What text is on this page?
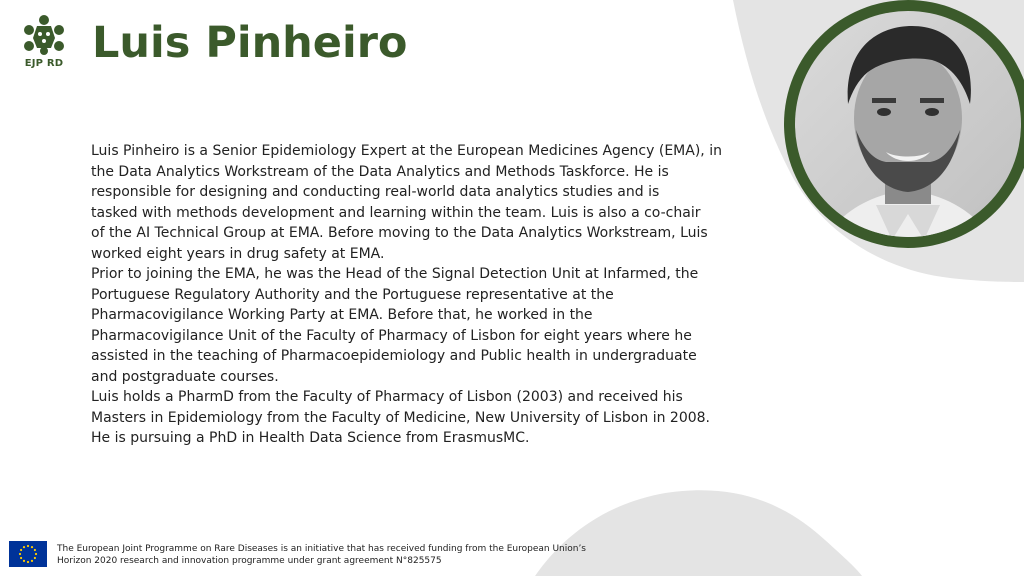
EJP RD Luis Pinheiro

Luis Pinheiro is a Senior Epidemiology Expert at the European Medicines Agency (EMA), in

the Data Analytics Workstream of the Data Analytics and Methods Taskforce. He is

responsible for designing and conducting real-world data analytics studies and is

tasked with methods development and learning within the team. Luis is also a co-chair

of the AI Technical Group at EMA. Before moving to the Data Analytics Workstream, Luis

worked eight years in drug safety at EMA.

Prior to joining the EMA, he was the Head of the Signal Detection Unit at Infarmed, the

Portuguese Regulatory Authority and the Portuguese representative at the

Pharmacovigilance Working Party at EMA. Before that, he worked in the

Pharmacovigilance Unit of the Faculty of Pharmacy of Lisbon for eight years where he

assisted in the teaching of Pharmacoepidemiology and Public health in undergraduate

and postgraduate courses.

Luis holds a PharmD from the Faculty of Pharmacy of Lisbon (2003) and received his

Masters in Epidemiology from the Faculty of Medicine, New University of Lisbon in 2008.

He is pursuing a PhD in Health Data Science from ErasmusMC.

The European Joint Programme on Rare Diseases is an initiative that has received funding from the European Union’s
Horizon 2020 research and innovation programme under grant agreement N°825575
